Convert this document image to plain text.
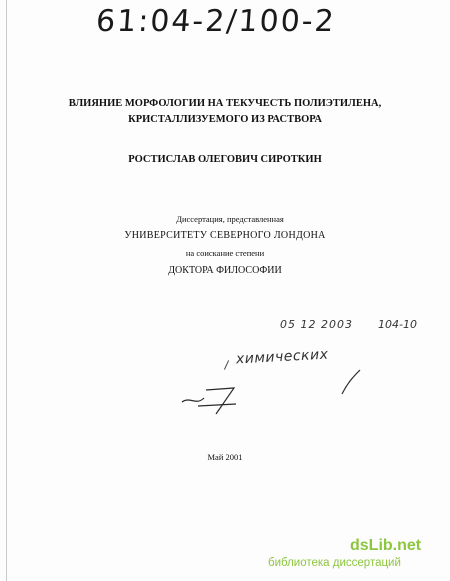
61:04-2/100-2
ВЛИЯНИЕ МОРФОЛОГИИ НА ТЕКУЧЕСТЬ ПОЛИЭТИЛЕНА,
КРИСТАЛЛИЗУЕМОГО ИЗ РАСТВОРА
РОСТИСЛАВ ОЛЕГОВИЧ СИРОТКИН
Диссертация, представленная
УНИВЕРСИТЕТУ СЕВЕРНОГО ЛОНДОНА
на соискание степени
ДОКТОРА ФИЛОСОФИИ
05 12 2003 104-10
химических
Май 2001
dsLib.net
библиотека диссертаций
